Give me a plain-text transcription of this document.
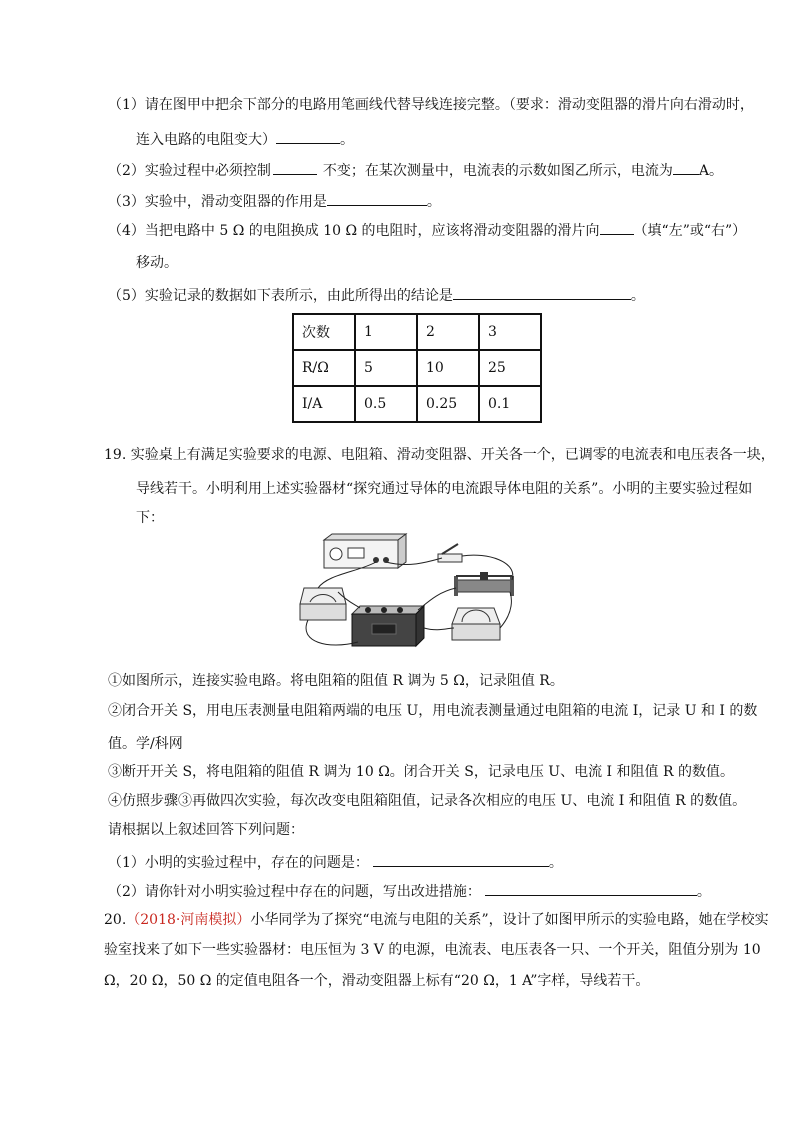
（1）请在图甲中把余下部分的电路用笔画线代替导线连接完整。（要求：滑动变阻器的滑片向右滑动时，
连入电路的电阻变大）	。
（2）实验过程中必须控制	不变；在某次测量中，电流表的示数如图乙所示，电流为 A。
（3）实验中，滑动变阻器的作用是	。
（4）当把电路中 5 Ω 的电阻换成 10 Ω 的电阻时，应该将滑动变阻器的滑片向 （填“左”或“右”）
移动。
（5）实验记录的数据如下表所示，由此所得出的结论是	。
次数	1	2	3
R/Ω	5	10	25
I/A	0.5	0.25	0.1
19. 实验桌上有满足实验要求的电源、电阻箱、滑动变阻器、开关各一个，已调零的电流表和电压表各一块，
导线若干。小明利用上述实验器材“探究通过导体的电流跟导体电阻的关系”。小明的主要实验过程如
下：
①如图所示，连接实验电路。将电阻箱的阻值 R 调为 5 Ω，记录阻值 R。
②闭合开关 S，用电压表测量电阻箱两端的电压 U，用电流表测量通过电阻箱的电流 I，记录 U 和 I 的数
值。学/科网
③断开开关 S，将电阻箱的阻值 R 调为 10 Ω。闭合开关 S，记录电压 U、电流 I 和阻值 R 的数值。
④仿照步骤③再做四次实验，每次改变电阻箱阻值，记录各次相应的电压 U、电流 I 和阻值 R 的数值。
请根据以上叙述回答下列问题：
（1）小明的实验过程中，存在的问题是：	。
（2）请你针对小明实验过程中存在的问题，写出改进措施：	。
20.（2018·河南模拟）小华同学为了探究“电流与电阻的关系”，设计了如图甲所示的实验电路，她在学校实
验室找来了如下一些实验器材：电压恒为 3 V 的电源，电流表、电压表各一只、一个开关，阻值分别为 10
Ω，20 Ω，50 Ω 的定值电阻各一个，滑动变阻器上标有“20 Ω，1 A”字样，导线若干。
